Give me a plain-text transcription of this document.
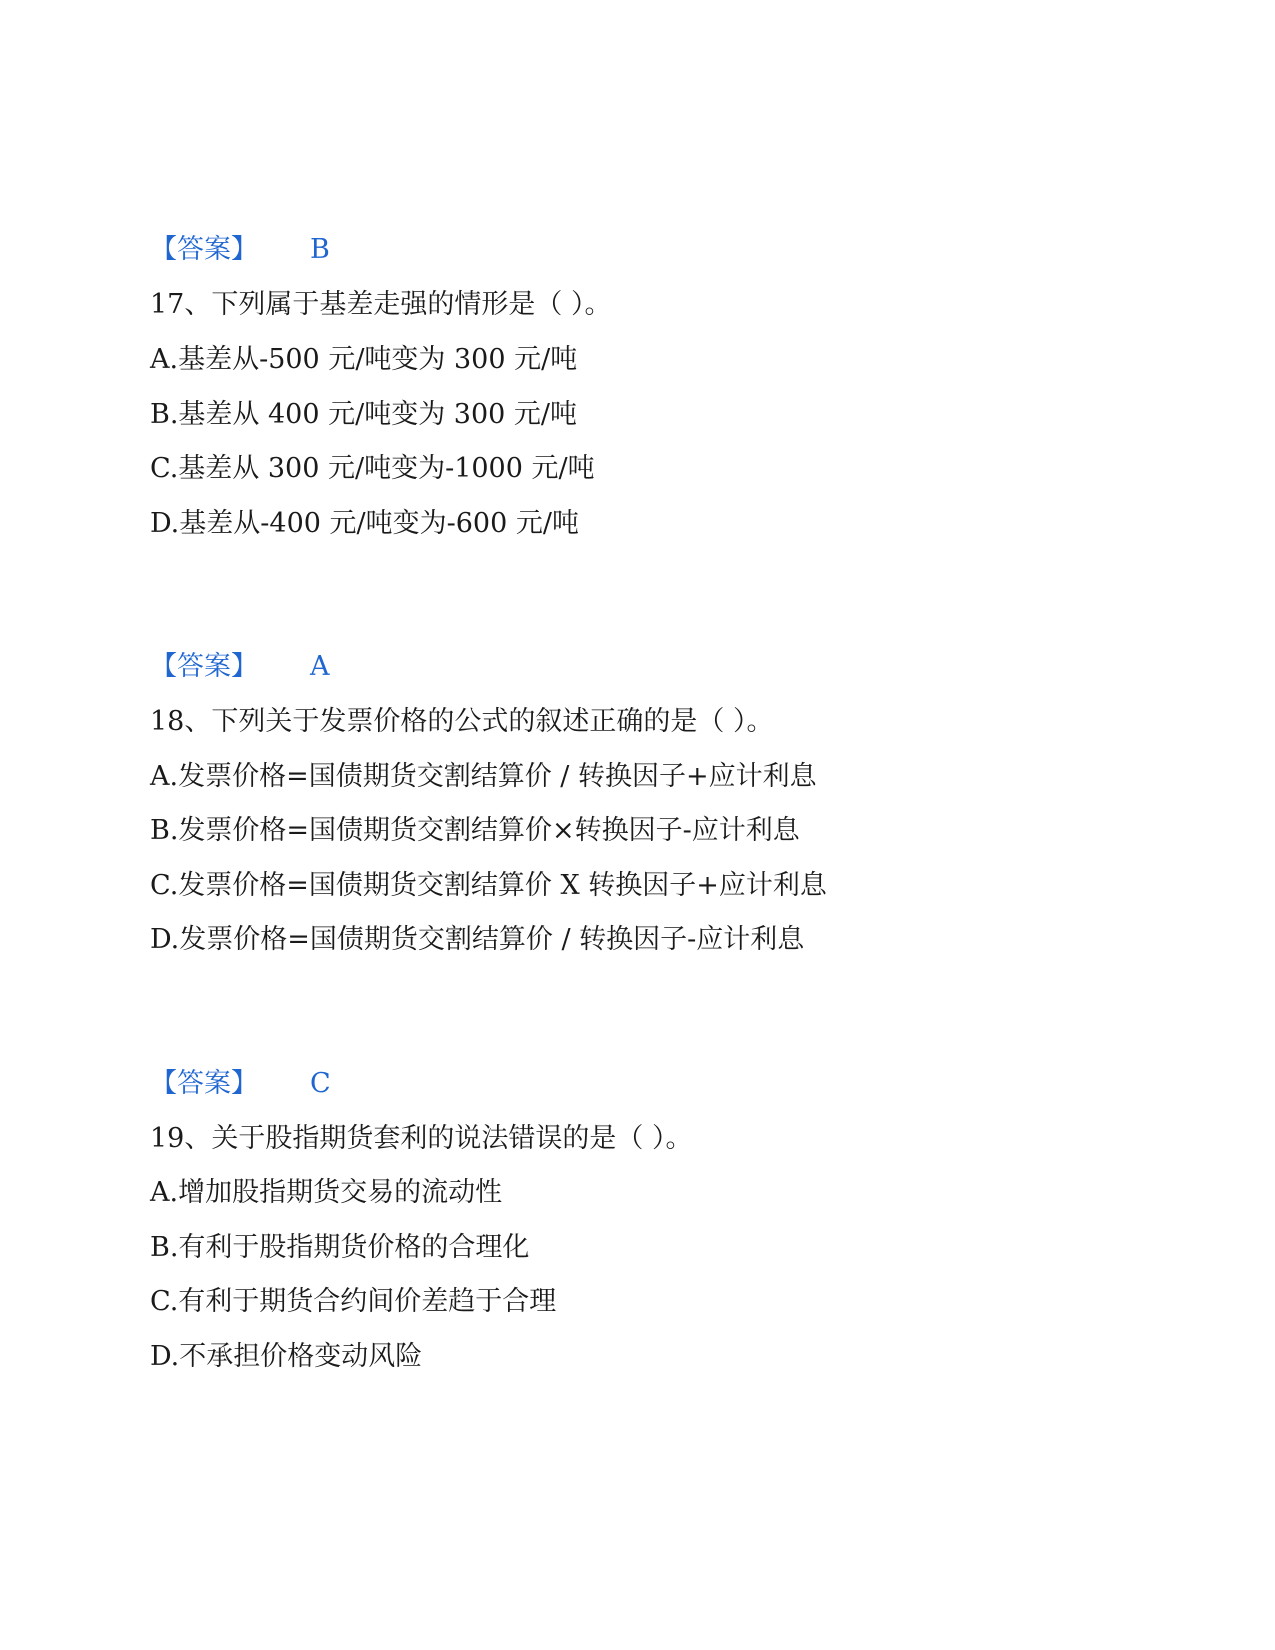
【答案】 B
17、下列属于基差走强的情形是（ ）。
A.基差从-500 元/吨变为 300 元/吨
B.基差从 400 元/吨变为 300 元/吨
C.基差从 300 元/吨变为-1000 元/吨
D.基差从-400 元/吨变为-600 元/吨
【答案】 A
18、下列关于发票价格的公式的叙述正确的是（ ）。
A.发票价格=国债期货交割结算价 / 转换因子+应计利息
B.发票价格=国债期货交割结算价×转换因子-应计利息
C.发票价格=国债期货交割结算价 X 转换因子+应计利息
D.发票价格=国债期货交割结算价 / 转换因子-应计利息
【答案】 C
19、关于股指期货套利的说法错误的是（ ）。
A.增加股指期货交易的流动性
B.有利于股指期货价格的合理化
C.有利于期货合约间价差趋于合理
D.不承担价格变动风险
